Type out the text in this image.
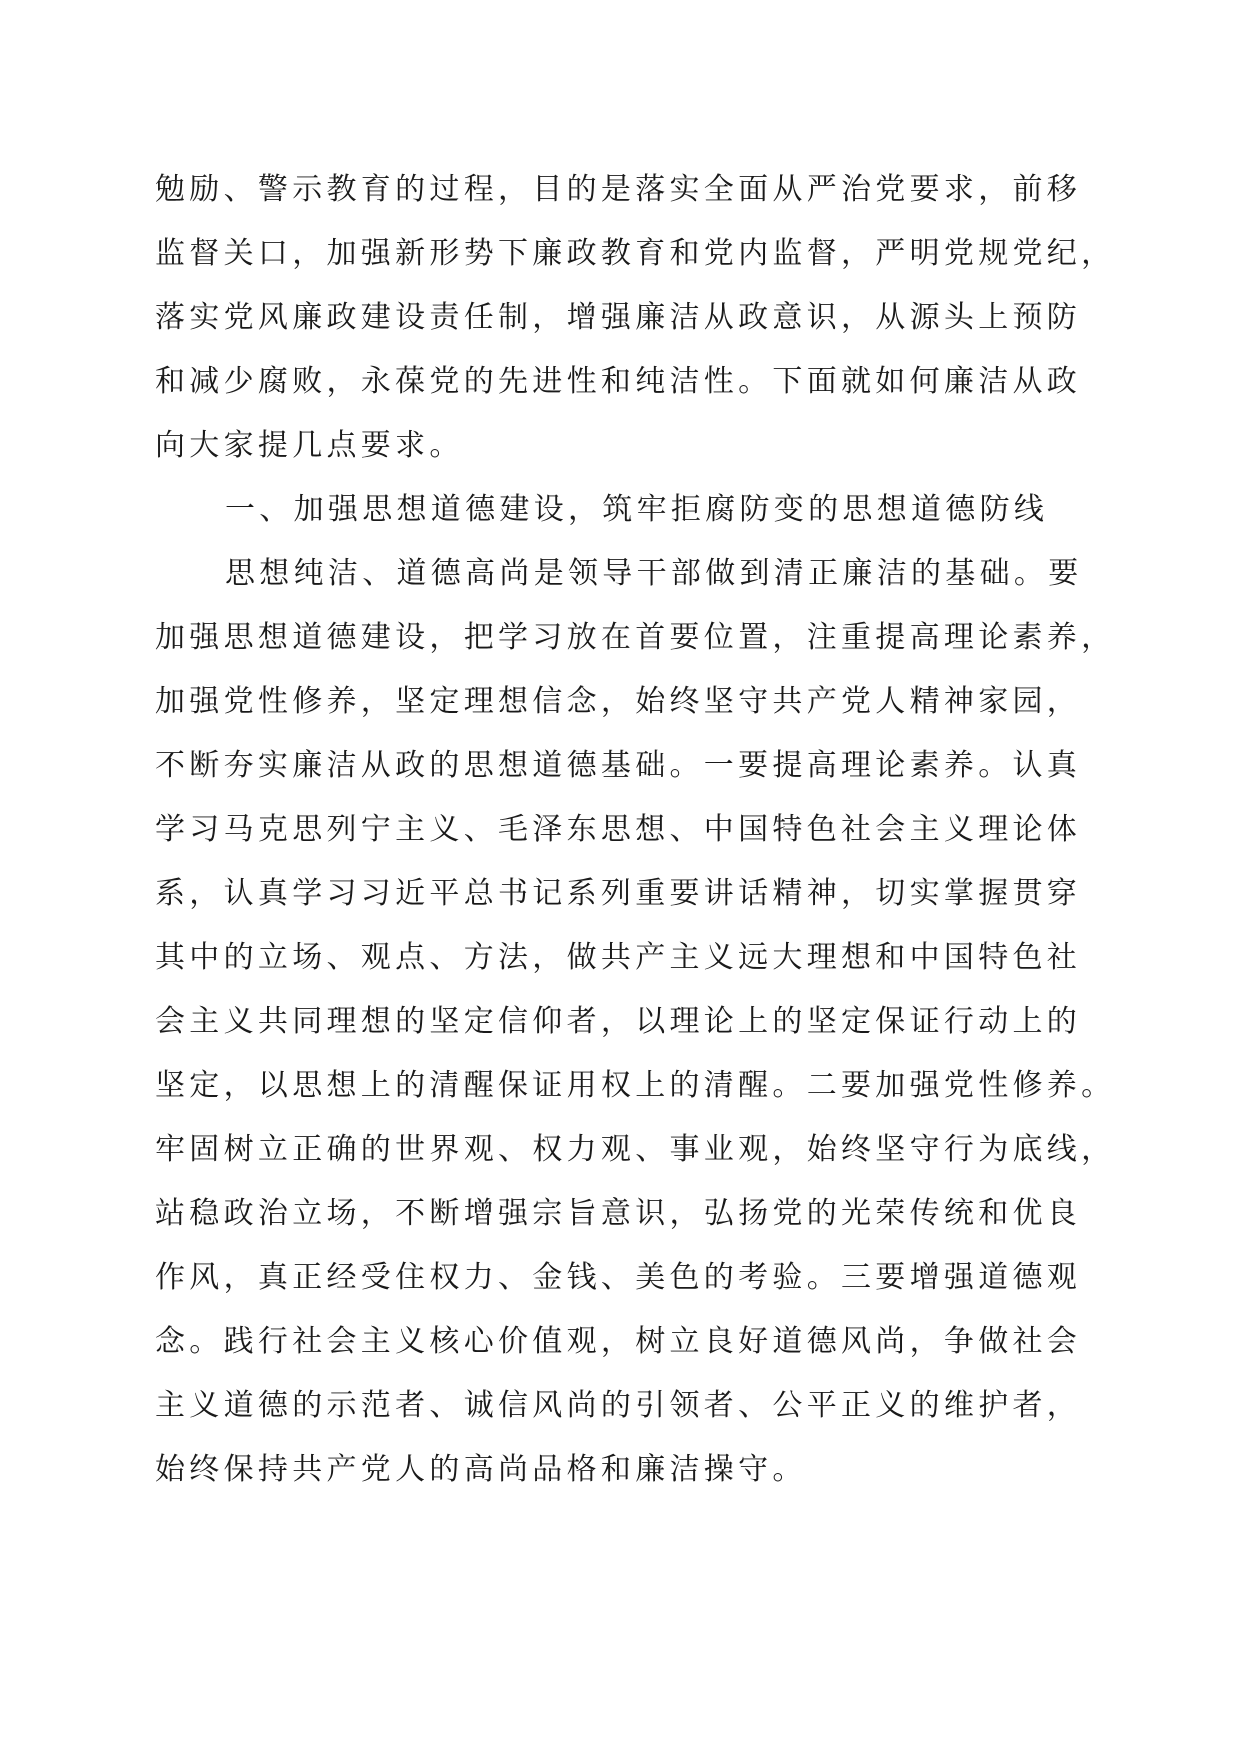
勉励、警示教育的过程，目的是落实全面从严治党要求，前移
监督关口，加强新形势下廉政教育和党内监督，严明党规党纪，
落实党风廉政建设责任制，增强廉洁从政意识，从源头上预防
和减少腐败，永葆党的先进性和纯洁性。下面就如何廉洁从政
向大家提几点要求。
一、加强思想道德建设，筑牢拒腐防变的思想道德防线
思想纯洁、道德高尚是领导干部做到清正廉洁的基础。要
加强思想道德建设，把学习放在首要位置，注重提高理论素养，
加强党性修养，坚定理想信念，始终坚守共产党人精神家园，
不断夯实廉洁从政的思想道德基础。一要提高理论素养。认真
学习马克思列宁主义、毛泽东思想、中国特色社会主义理论体
系，认真学习习近平总书记系列重要讲话精神，切实掌握贯穿
其中的立场、观点、方法，做共产主义远大理想和中国特色社
会主义共同理想的坚定信仰者，以理论上的坚定保证行动上的
坚定，以思想上的清醒保证用权上的清醒。二要加强党性修养。
牢固树立正确的世界观、权力观、事业观，始终坚守行为底线，
站稳政治立场，不断增强宗旨意识，弘扬党的光荣传统和优良
作风，真正经受住权力、金钱、美色的考验。三要增强道德观
念。践行社会主义核心价值观，树立良好道德风尚，争做社会
主义道德的示范者、诚信风尚的引领者、公平正义的维护者，
始终保持共产党人的高尚品格和廉洁操守。
